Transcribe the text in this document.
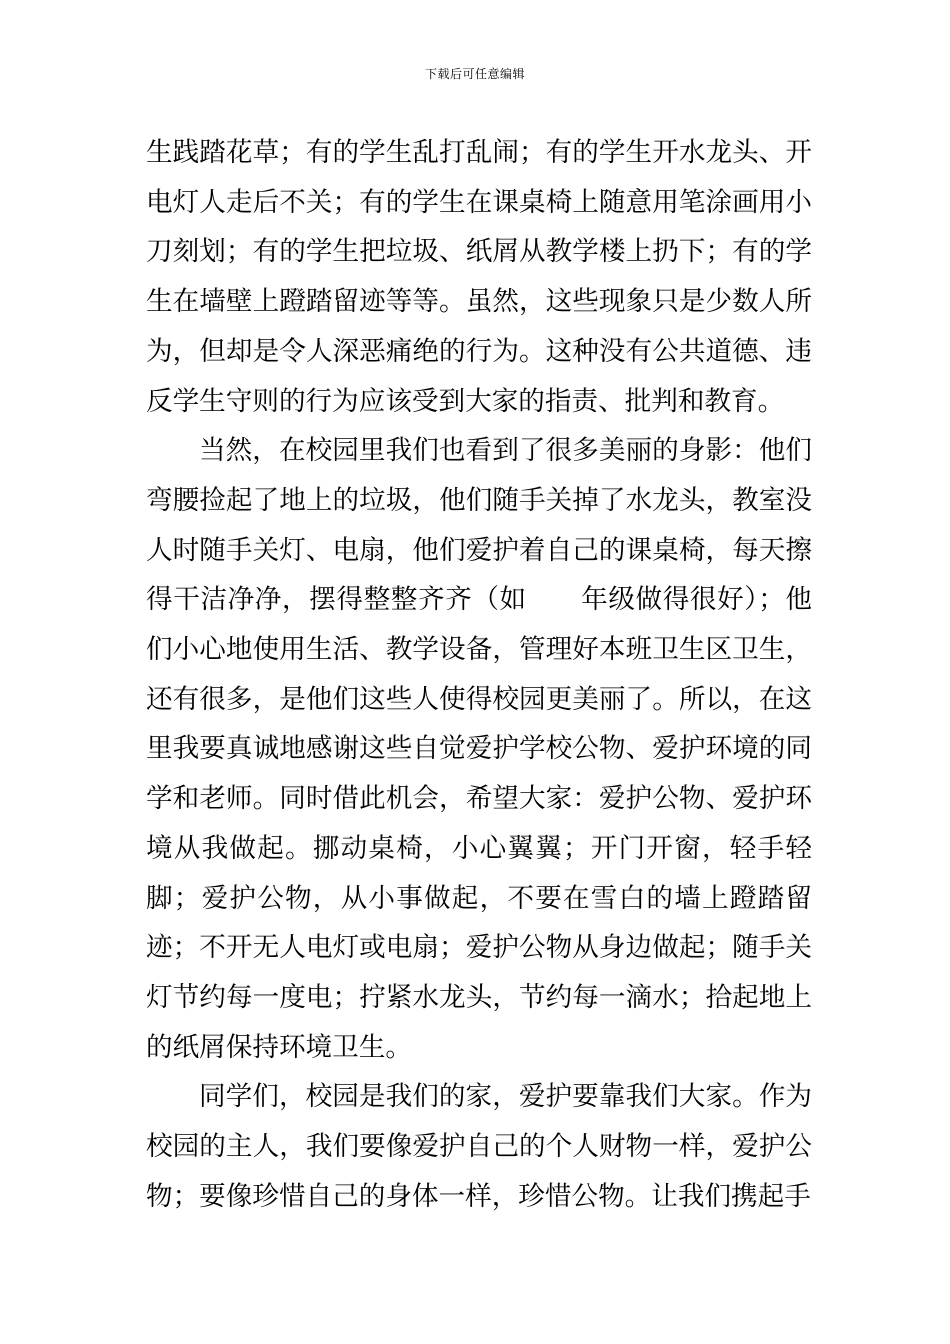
下载后可任意编辑

生践踏花草；有的学生乱打乱闹；有的学生开水龙头、开电灯人走后不关；有的学生在课桌椅上随意用笔涂画用小刀刻划；有的学生把垃圾、纸屑从教学楼上扔下；有的学生在墙壁上蹬踏留迹等等。虽然，这些现象只是少数人所为，但却是令人深恶痛绝的行为。这种没有公共道德、违反学生守则的行为应该受到大家的指责、批判和教育。

当然，在校园里我们也看到了很多美丽的身影：他们弯腰捡起了地上的垃圾，他们随手关掉了水龙头，教室没人时随手关灯、电扇，他们爱护着自己的课桌椅，每天擦得干洁净净，摆得整整齐齐（如　　年级做得很好）；他们小心地使用生活、教学设备，管理好本班卫生区卫生，还有很多，是他们这些人使得校园更美丽了。所以，在这里我要真诚地感谢这些自觉爱护学校公物、爱护环境的同学和老师。同时借此机会，希望大家：爱护公物、爱护环境从我做起。挪动桌椅，小心翼翼；开门开窗，轻手轻脚；爱护公物，从小事做起，不要在雪白的墙上蹬踏留迹；不开无人电灯或电扇；爱护公物从身边做起；随手关灯节约每一度电；拧紧水龙头，节约每一滴水；拾起地上的纸屑保持环境卫生。

同学们，校园是我们的家，爱护要靠我们大家。作为校园的主人，我们要像爱护自己的个人财物一样，爱护公物；要像珍惜自己的身体一样，珍惜公物。让我们携起手
